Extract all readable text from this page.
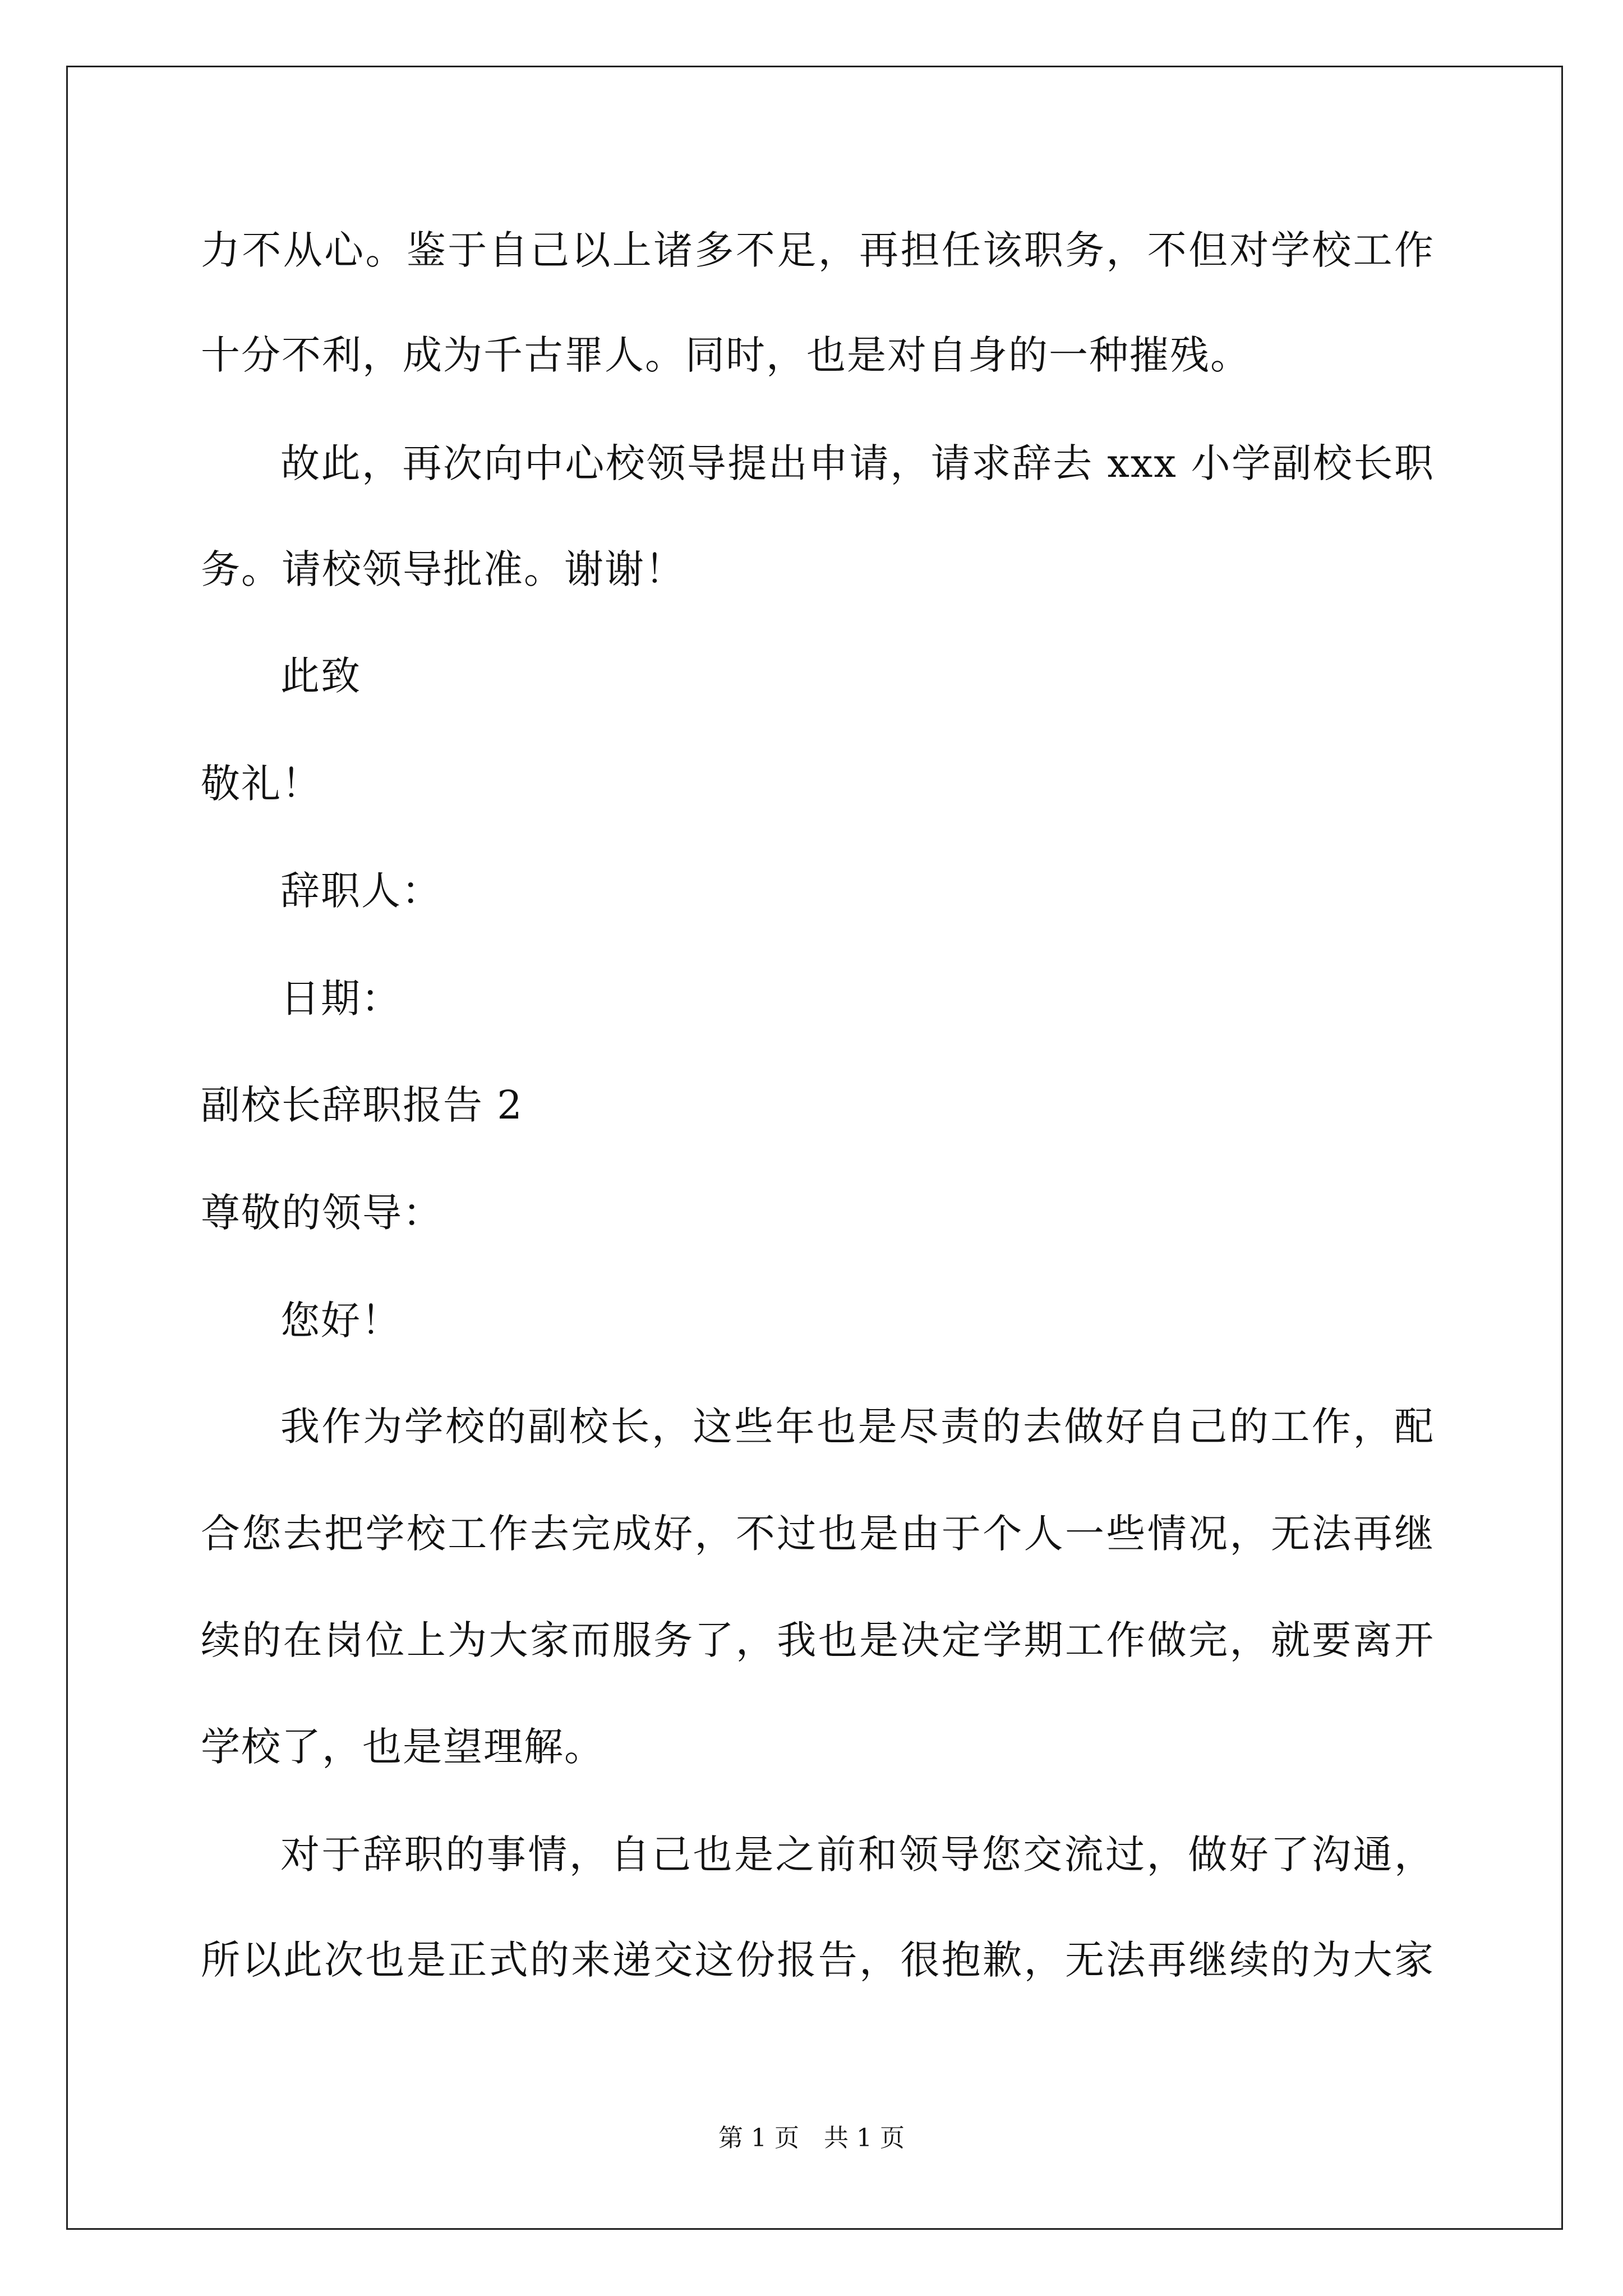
力不从心。鉴于自己以上诸多不足，再担任该职务，不但对学校工作
十分不利，成为千古罪人。同时，也是对自身的一种摧残。
故此，再次向中心校领导提出申请，请求辞去 xxx 小学副校长职
务。请校领导批准。谢谢！
此致
敬礼！
辞职人：
日期：
副校长辞职报告 2
尊敬的领导：
您好！
我作为学校的副校长，这些年也是尽责的去做好自己的工作，配
合您去把学校工作去完成好，不过也是由于个人一些情况，无法再继
续的在岗位上为大家而服务了，我也是决定学期工作做完，就要离开
学校了，也是望理解。
对于辞职的事情，自己也是之前和领导您交流过，做好了沟通，
所以此次也是正式的来递交这份报告，很抱歉，无法再继续的为大家
第 1 页　共 1 页
